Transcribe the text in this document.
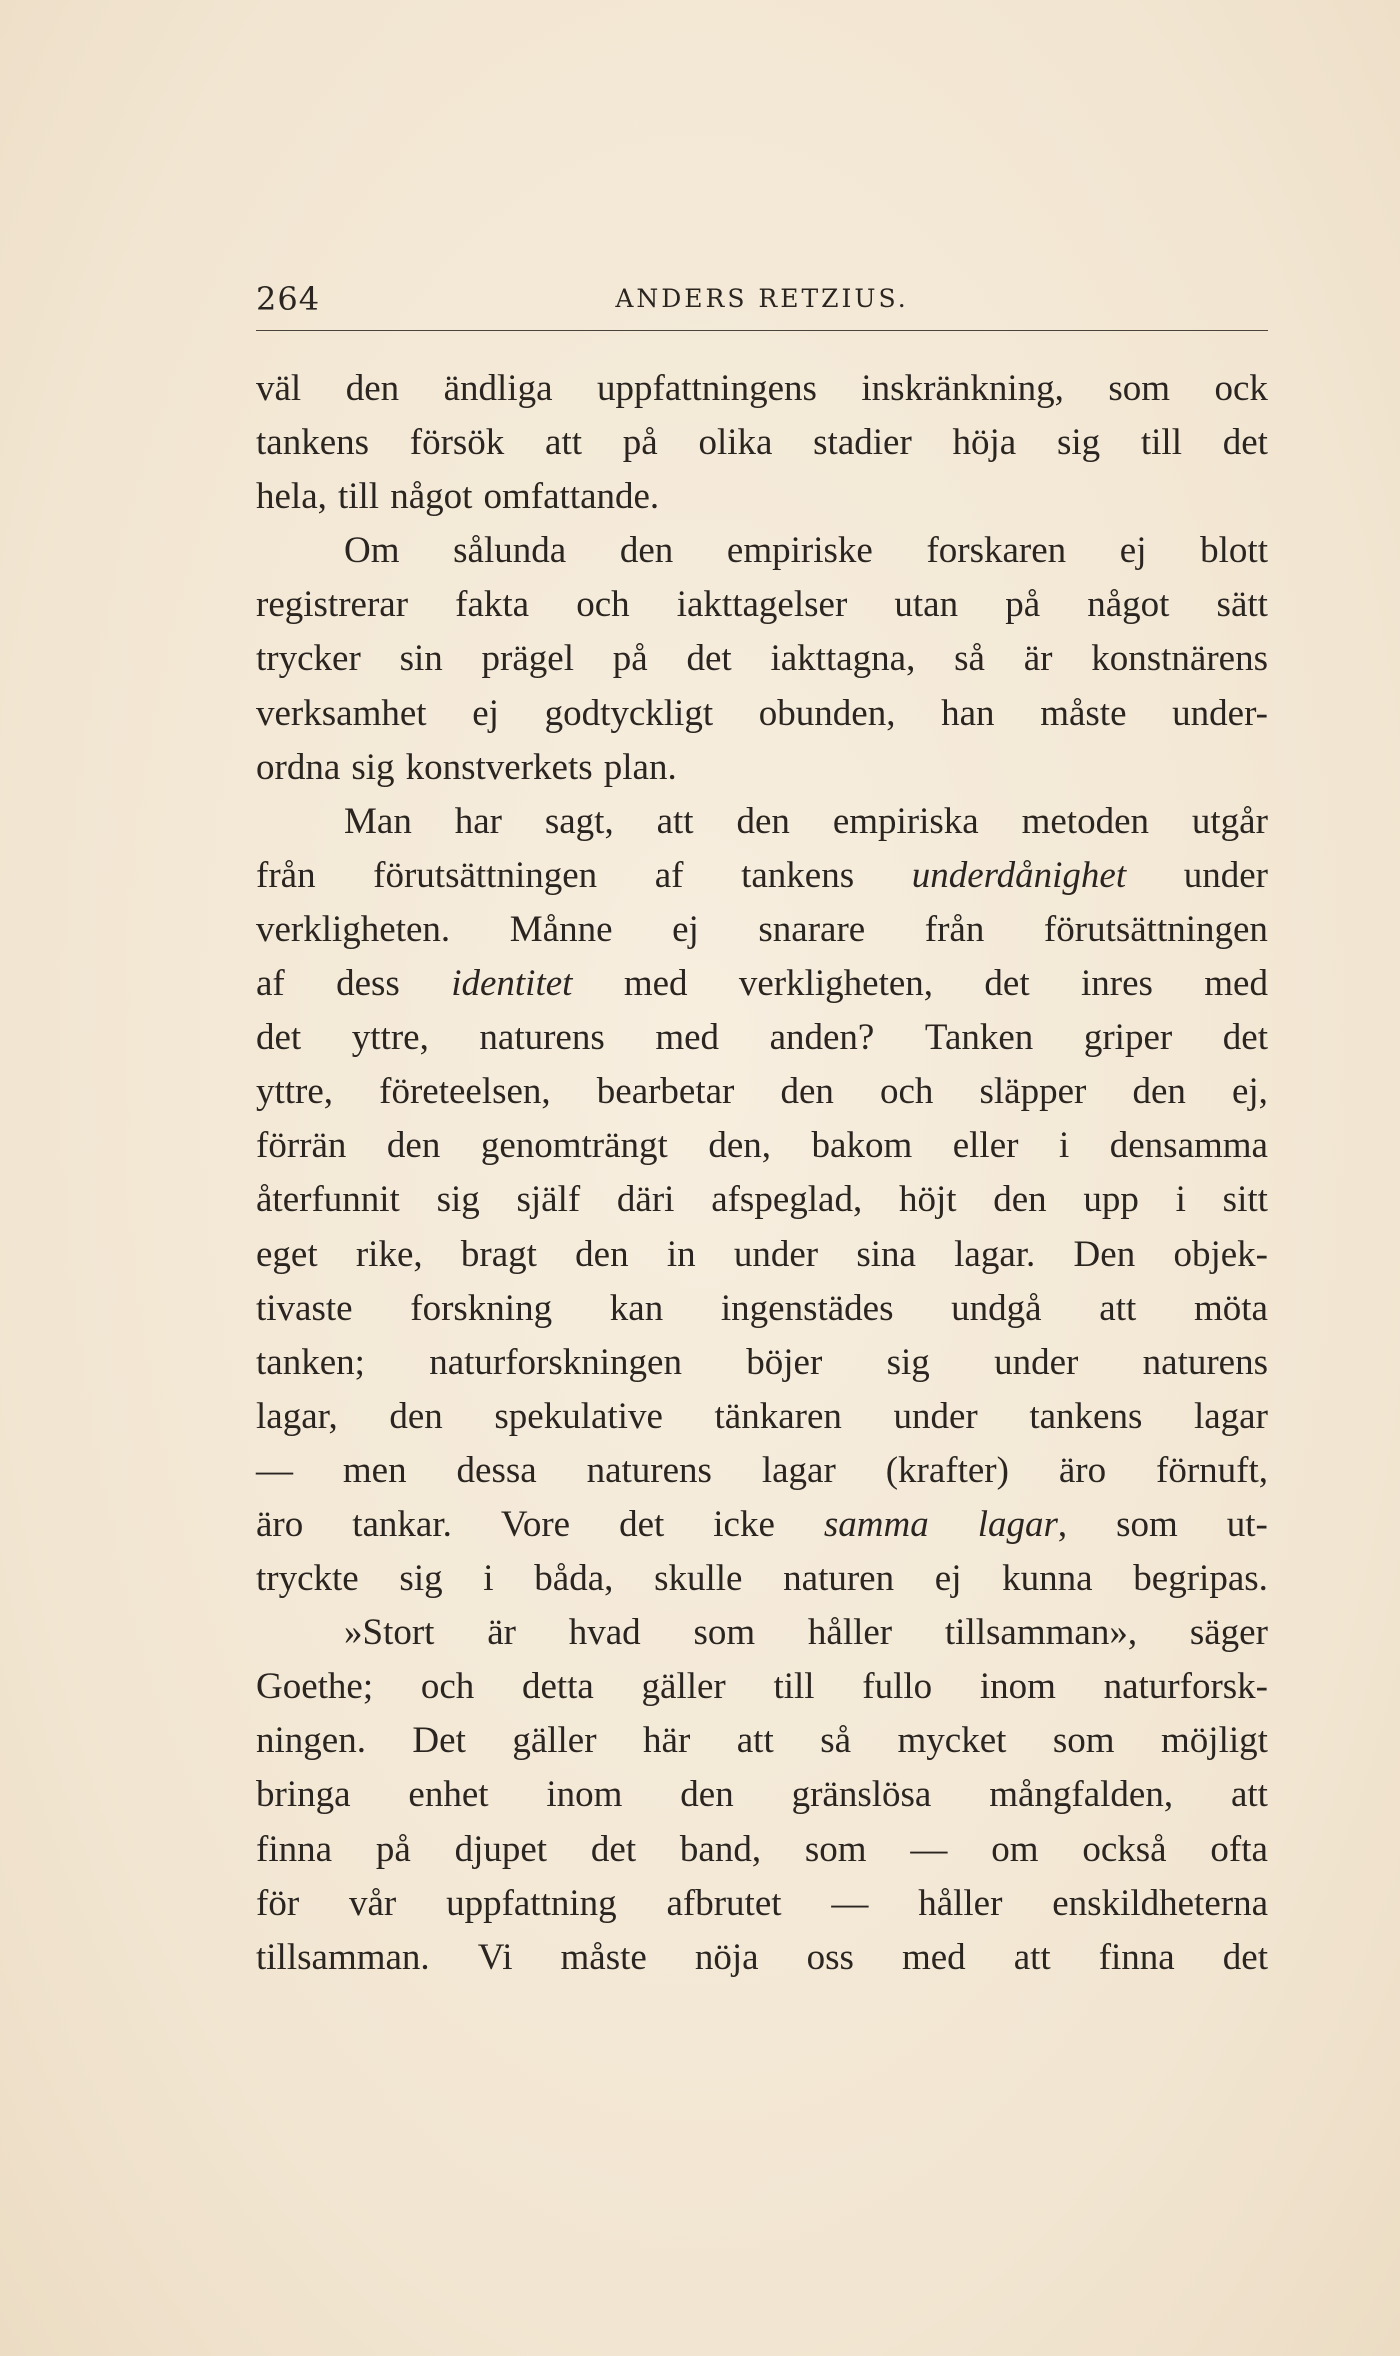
264	ANDERS RETZIUS.
väl den ändliga uppfattningens inskränkning, som ock
tankens försök att på olika stadier höja sig till det
hela, till något omfattande.
Om sålunda den empiriske forskaren ej blott
registrerar fakta och iakttagelser utan på något sätt
trycker sin prägel på det iakttagna, så är konstnärens
verksamhet ej godtyckligt obunden, han måste under-
ordna sig konstverkets plan.
Man har sagt, att den empiriska metoden utgår
från förutsättningen af tankens underdånighet under
verkligheten. Månne ej snarare från förutsättningen
af dess identitet med verkligheten, det inres med
det yttre, naturens med anden? Tanken griper det
yttre, företeelsen, bearbetar den och släpper den ej,
förrän den genomträngt den, bakom eller i densamma
återfunnit sig själf däri afspeglad, höjt den upp i sitt
eget rike, bragt den in under sina lagar. Den objek-
tivaste forskning kan ingenstädes undgå att möta
tanken; naturforskningen böjer sig under naturens
lagar, den spekulative tänkaren under tankens lagar
— men dessa naturens lagar (krafter) äro förnuft,
äro tankar. Vore det icke samma lagar, som ut-
tryckte sig i båda, skulle naturen ej kunna begripas.
»Stort är hvad som håller tillsamman», säger
Goethe; och detta gäller till fullo inom naturforsk-
ningen. Det gäller här att så mycket som möjligt
bringa enhet inom den gränslösa mångfalden, att
finna på djupet det band, som — om också ofta
för vår uppfattning afbrutet — håller enskildheterna
tillsamman. Vi måste nöja oss med att finna det
